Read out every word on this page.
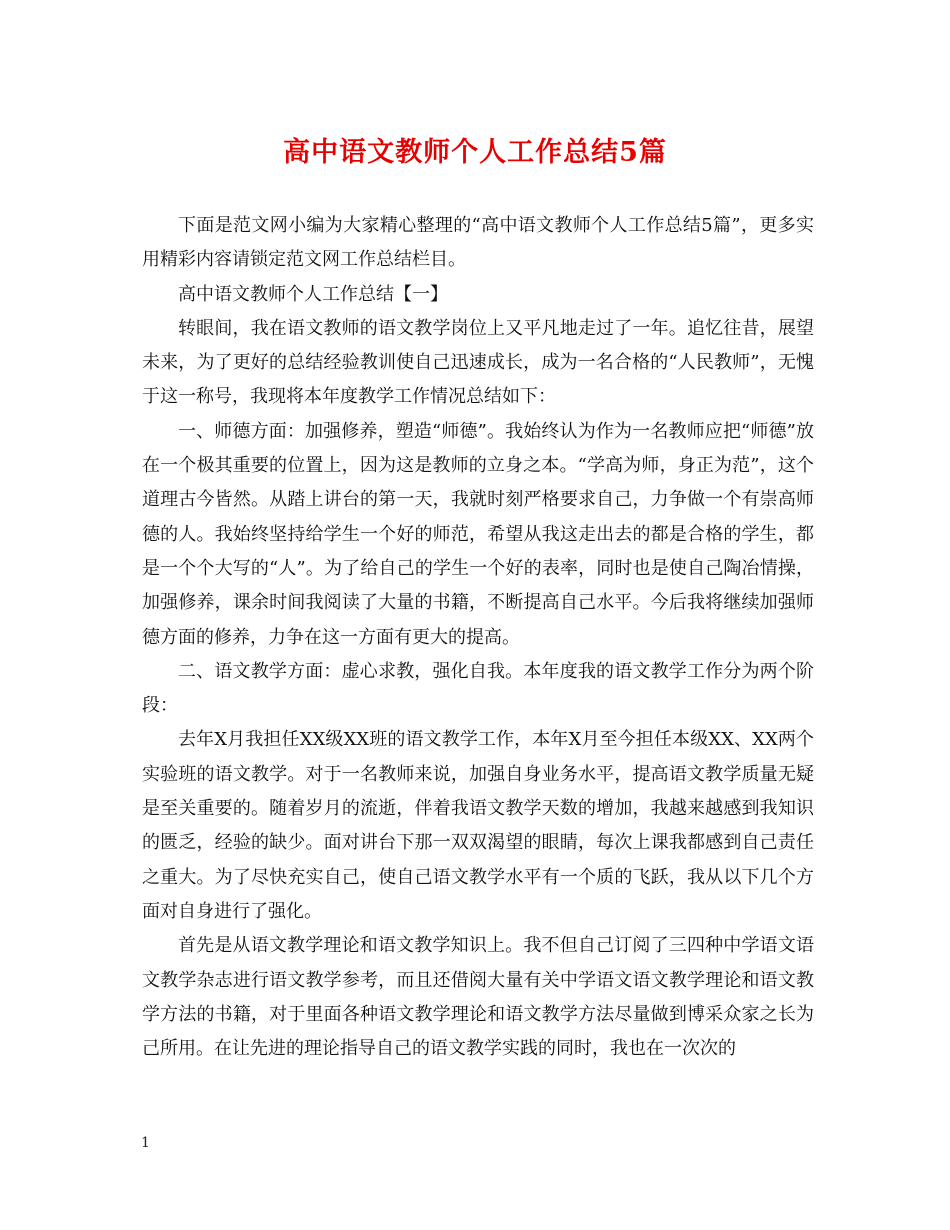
高中语文教师个人工作总结5篇

下面是范文网小编为大家精心整理的“高中语文教师个人工作总结5篇”，更多实用精彩内容请锁定范文网工作总结栏目。

高中语文教师个人工作总结【一】

转眼间，我在语文教师的语文教学岗位上又平凡地走过了一年。追忆往昔，展望未来，为了更好的总结经验教训使自己迅速成长，成为一名合格的“人民教师”，无愧于这一称号，我现将本年度教学工作情况总结如下：

一、师德方面：加强修养，塑造“师德”。我始终认为作为一名教师应把“师德”放在一个极其重要的位置上，因为这是教师的立身之本。“学高为师，身正为范”，这个道理古今皆然。从踏上讲台的第一天，我就时刻严格要求自己，力争做一个有崇高师德的人。我始终坚持给学生一个好的师范，希望从我这走出去的都是合格的学生，都是一个个大写的“人”。为了给自己的学生一个好的表率，同时也是使自己陶冶情操，加强修养，课余时间我阅读了大量的书籍，不断提高自己水平。今后我将继续加强师德方面的修养，力争在这一方面有更大的提高。

二、语文教学方面：虚心求教，强化自我。本年度我的语文教学工作分为两个阶段：

去年X月我担任XX级XX班的语文教学工作，本年X月至今担任本级XX、XX两个实验班的语文教学。对于一名教师来说，加强自身业务水平，提高语文教学质量无疑是至关重要的。随着岁月的流逝，伴着我语文教学天数的增加，我越来越感到我知识的匮乏，经验的缺少。面对讲台下那一双双渴望的眼睛，每次上课我都感到自己责任之重大。为了尽快充实自己，使自己语文教学水平有一个质的飞跃，我从以下几个方面对自身进行了强化。

首先是从语文教学理论和语文教学知识上。我不但自己订阅了三四种中学语文语文教学杂志进行语文教学参考，而且还借阅大量有关中学语文语文教学理论和语文教学方法的书籍，对于里面各种语文教学理论和语文教学方法尽量做到博采众家之长为己所用。在让先进的理论指导自己的语文教学实践的同时，我也在一次次的

1
